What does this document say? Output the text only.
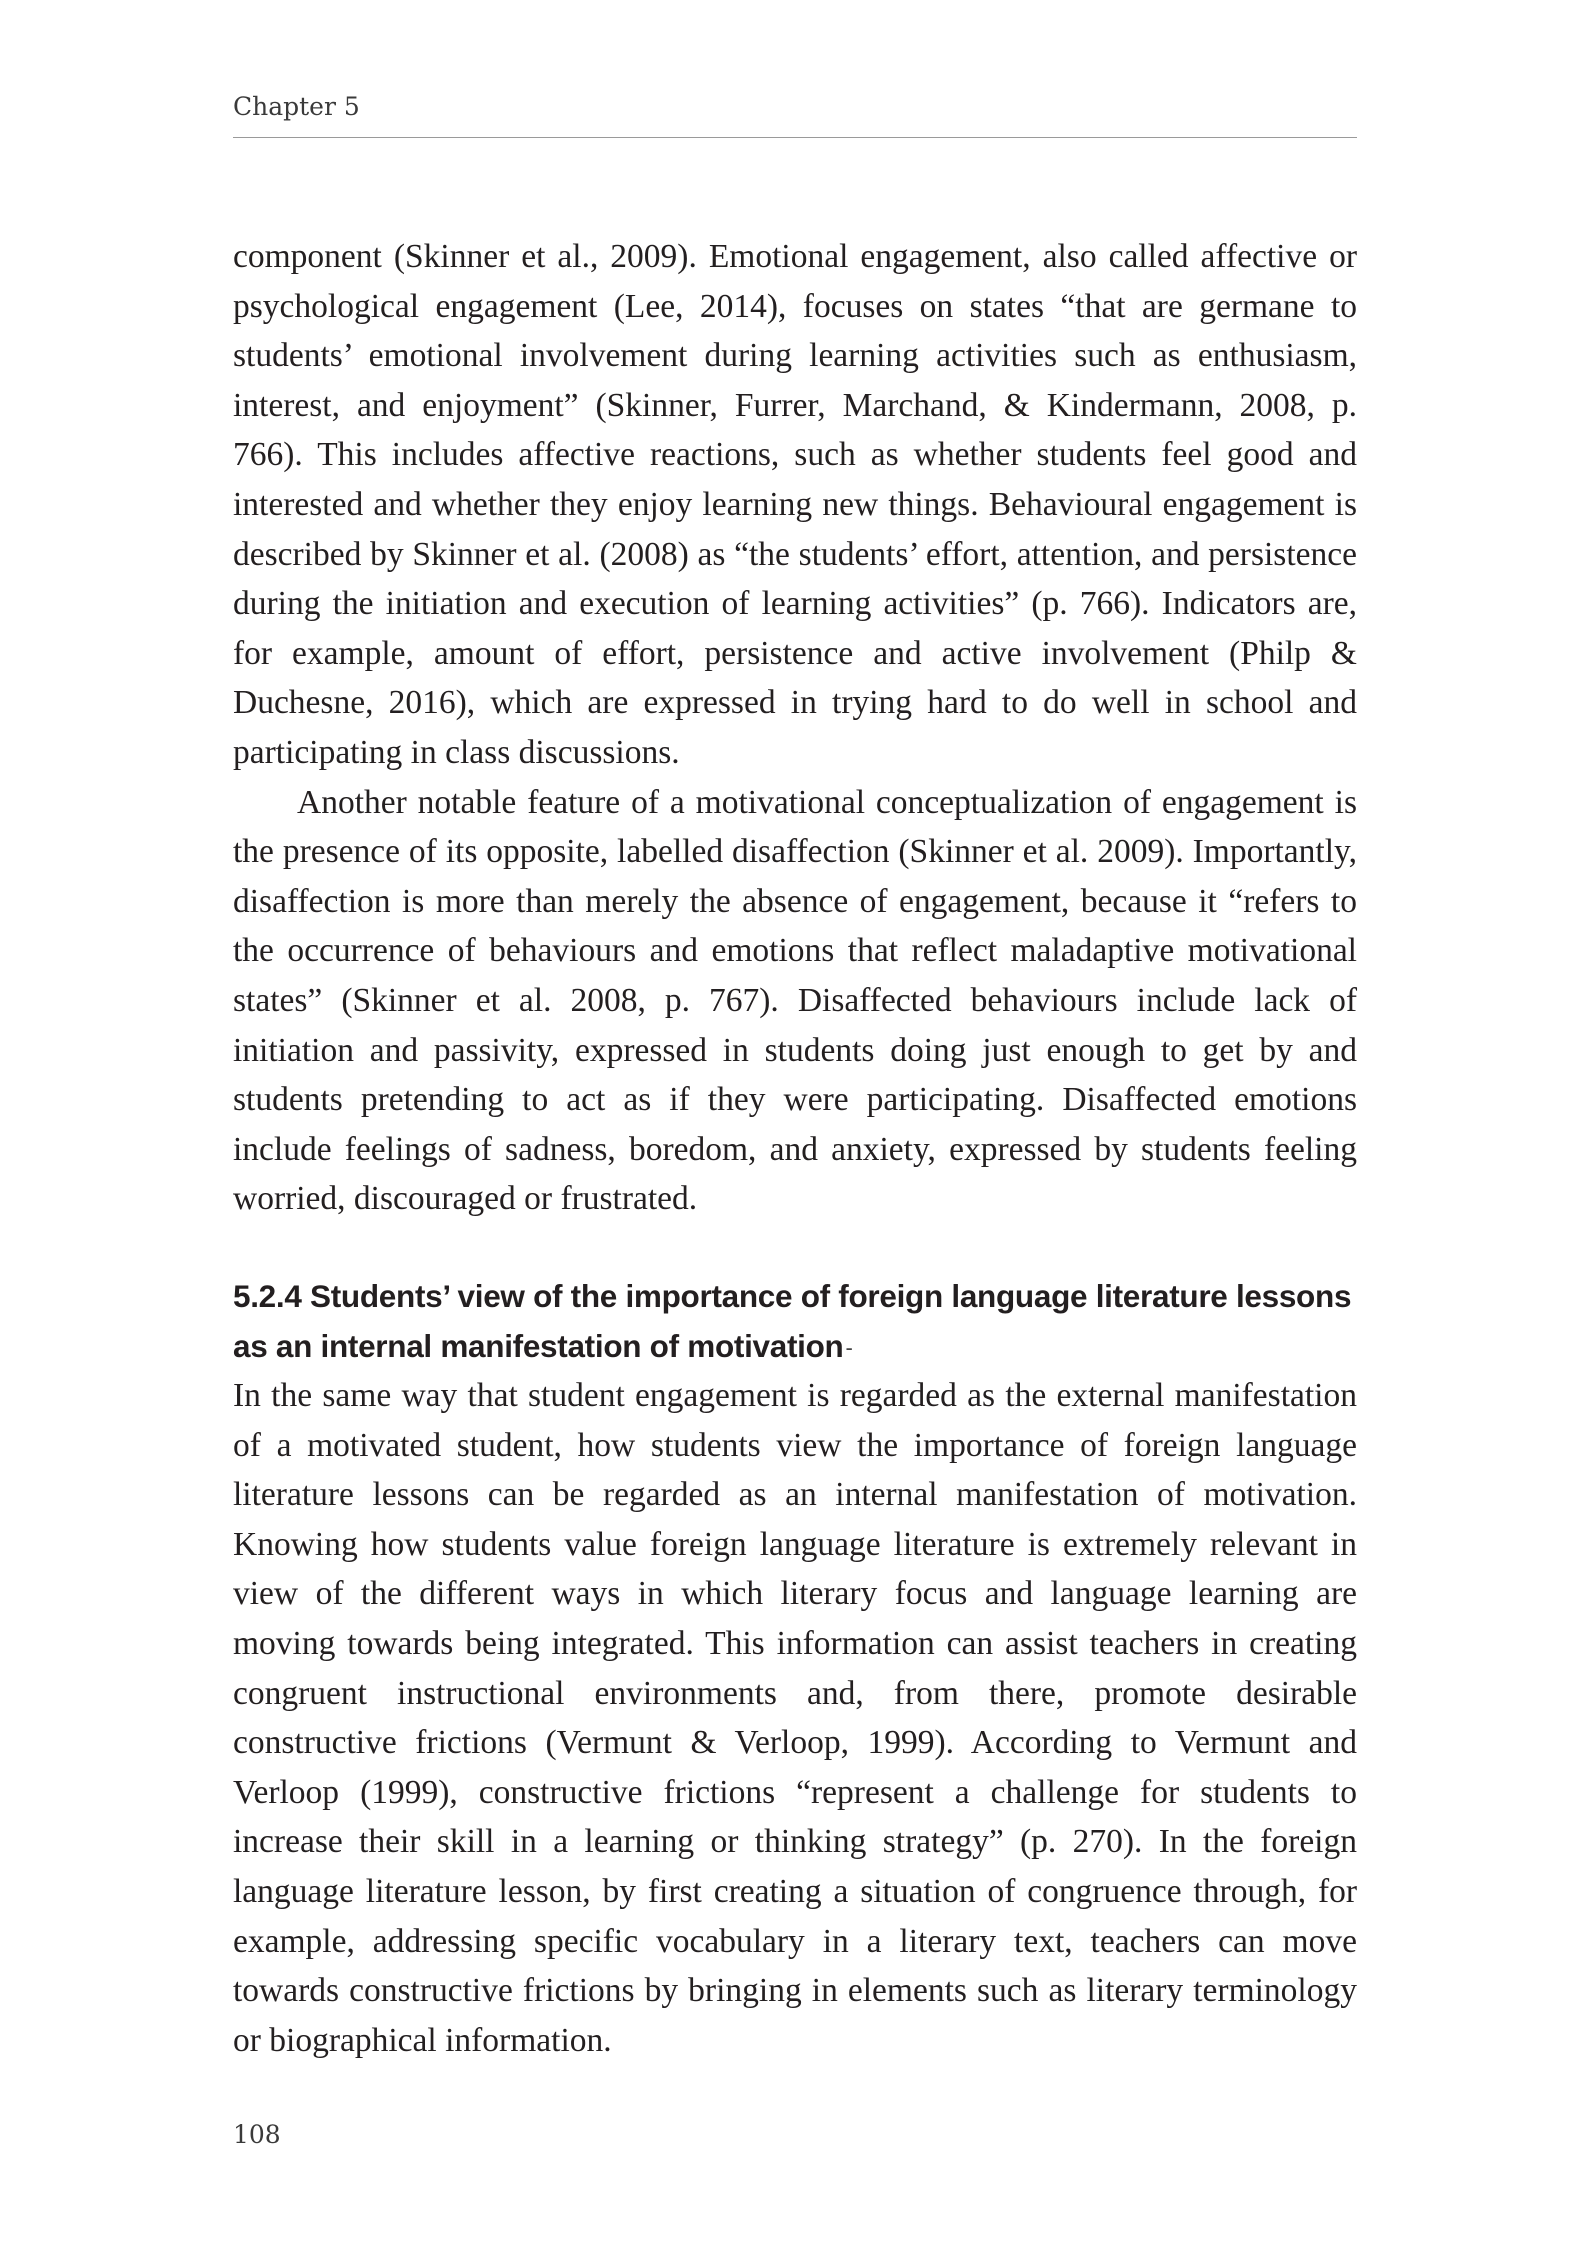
Chapter 5

component (Skinner et al., 2009). Emotional engagement, also called affective or psychological engagement (Lee, 2014), focuses on states “that are germane to students’ emotional involvement during learning activities such as enthusiasm, interest, and enjoyment” (Skinner, Furrer, Marchand, & Kindermann, 2008, p. 766). This includes affective reactions, such as whether students feel good and interested and whether they enjoy learning new things. Behavioural engagement is described by Skinner et al. (2008) as “the students’ effort, attention, and persistence during the initiation and execution of learning activities” (p. 766). Indicators are, for example, amount of effort, persistence and active involvement (Philp & Duchesne, 2016), which are expressed in trying hard to do well in school and participating in class discussions.

Another notable feature of a motivational conceptualization of engagement is the presence of its opposite, labelled disaffection (Skinner et al. 2009). Importantly, disaffection is more than merely the absence of engagement, because it “refers to the occurrence of behaviours and emotions that reflect maladaptive motivational states” (Skinner et al. 2008, p. 767). Disaffected behaviours include lack of initiation and passivity, expressed in students doing just enough to get by and students pretending to act as if they were participating. Disaffected emotions include feelings of sadness, boredom, and anxiety, expressed by students feeling worried, discouraged or frustrated.

5.2.4 Students’ view of the importance of foreign language literature lessons as an internal manifestation of motivation-

In the same way that student engagement is regarded as the external manifestation of a motivated student, how students view the importance of foreign language literature lessons can be regarded as an internal manifestation of motivation. Knowing how students value foreign language literature is extremely relevant in view of the different ways in which literary focus and language learning are moving towards being integrated. This information can assist teachers in creating congruent instructional environments and, from there, promote desirable constructive frictions (Vermunt & Verloop, 1999). According to Vermunt and Verloop (1999), constructive frictions “represent a challenge for students to increase their skill in a learning or thinking strategy” (p. 270). In the foreign language literature lesson, by first creating a situation of congruence through, for example, addressing specific vocabulary in a literary text, teachers can move towards constructive frictions by bringing in elements such as literary terminology or biographical information.

108
